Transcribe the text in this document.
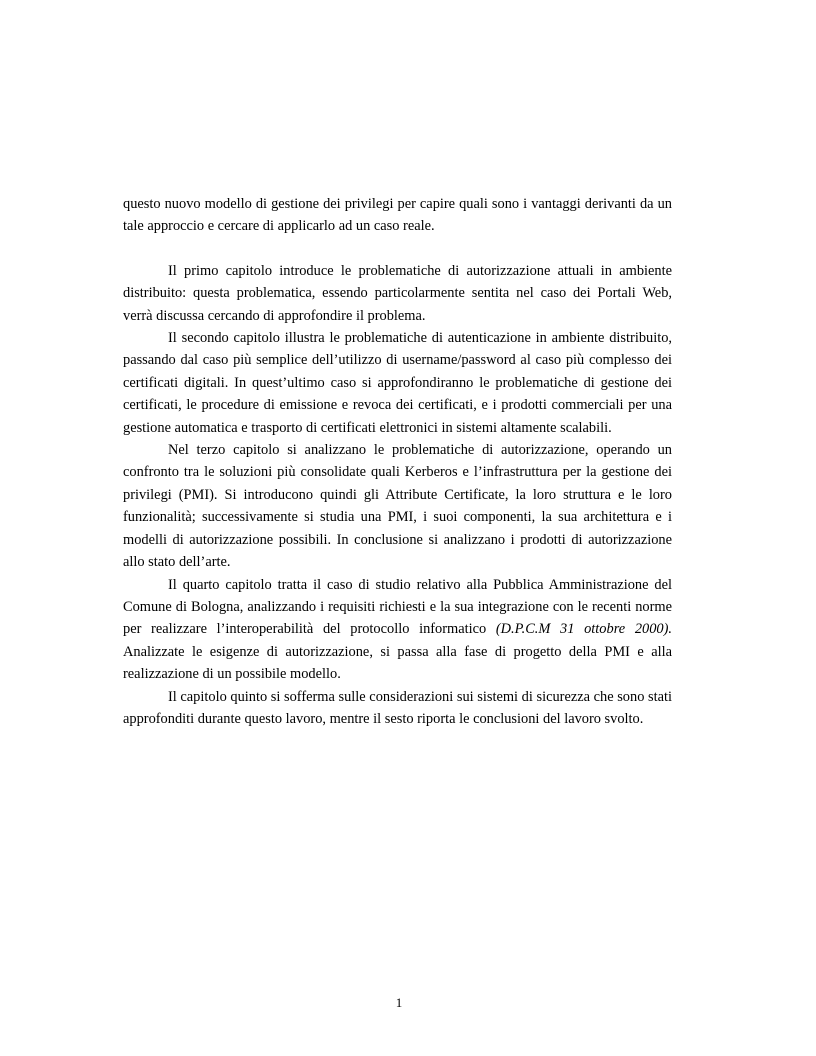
questo nuovo modello di gestione dei privilegi per capire quali sono i vantaggi derivanti da un tale approccio e cercare di applicarlo ad un caso reale.

Il primo capitolo introduce le problematiche di autorizzazione attuali in ambiente distribuito: questa problematica, essendo particolarmente sentita nel caso dei Portali Web, verrà discussa cercando di approfondire il problema.

Il secondo capitolo illustra le problematiche di autenticazione in ambiente distribuito, passando dal caso più semplice dell’utilizzo di username/password al caso più complesso dei certificati digitali. In quest’ultimo caso si approfondiranno le problematiche di gestione dei certificati, le procedure di emissione e revoca dei certificati, e i prodotti commerciali per una gestione automatica e trasporto di certificati elettronici in sistemi altamente scalabili.

Nel terzo capitolo si analizzano le problematiche di autorizzazione, operando un confronto tra le soluzioni più consolidate quali Kerberos e l’infrastruttura per la gestione dei privilegi (PMI). Si introducono quindi gli Attribute Certificate, la loro struttura e le loro funzionalità; successivamente si studia una PMI, i suoi componenti, la sua architettura e i modelli di autorizzazione possibili. In conclusione si analizzano i prodotti di autorizzazione allo stato dell’arte.

Il quarto capitolo tratta il caso di studio relativo alla Pubblica Amministrazione del Comune di Bologna, analizzando i requisiti richiesti e la sua integrazione con le recenti norme per realizzare l’interoperabilità del protocollo informatico (D.P.C.M 31 ottobre 2000). Analizzate le esigenze di autorizzazione, si passa alla fase di progetto della PMI e alla realizzazione di un possibile modello.

Il capitolo quinto si sofferma sulle considerazioni sui sistemi di sicurezza che sono stati approfonditi durante questo lavoro, mentre il sesto riporta le conclusioni del lavoro svolto.

1
